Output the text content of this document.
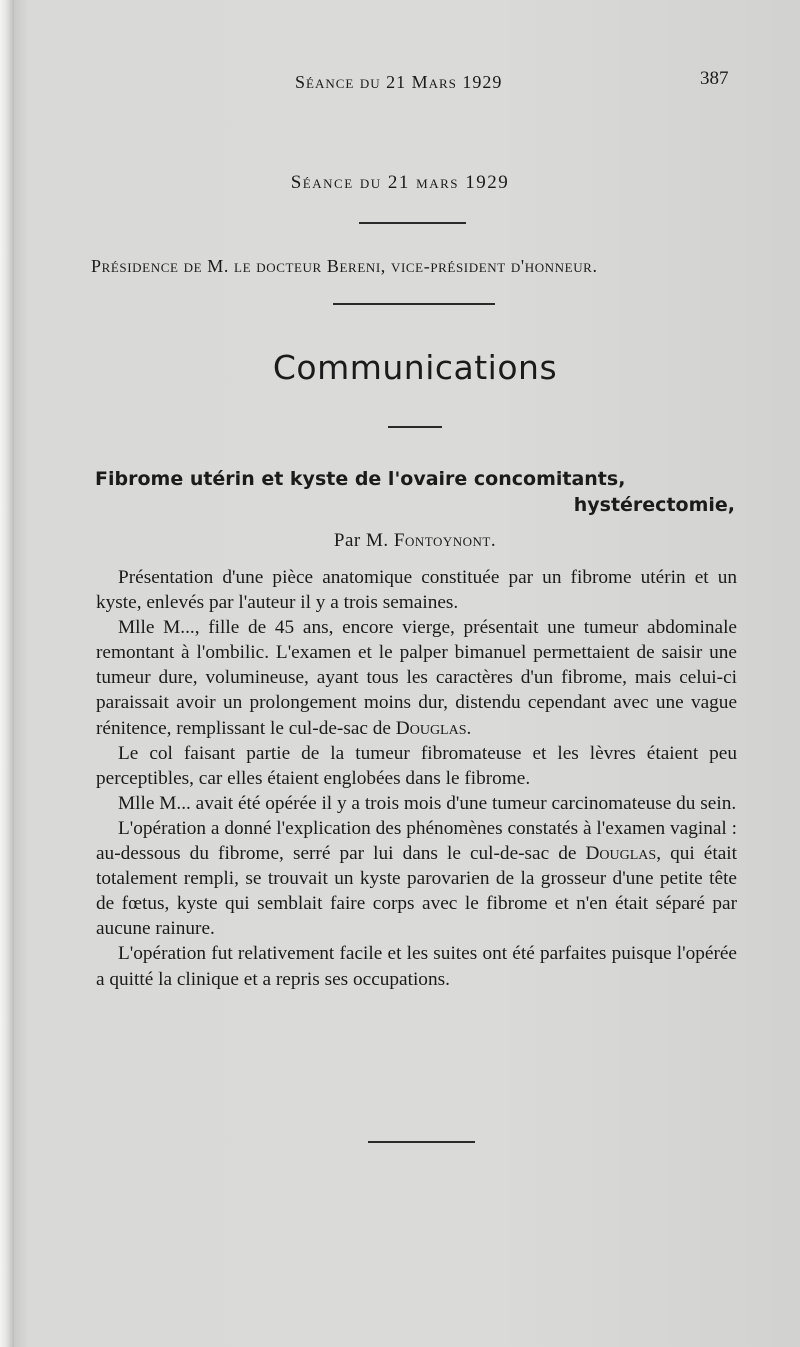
Séance du 21 Mars 1929	387
Séance du 21 mars 1929
Présidence de M. le docteur Bereni, vice-président d'honneur.
Communications
Fibrome utérin et kyste de l'ovaire concomitants,
hystérectomie,
Par M. Fontoynont.

Présentation d'une pièce anatomique constituée par un fibrome utérin et un kyste, enlevés par l'auteur il y a trois semaines.

Mlle M..., fille de 45 ans, encore vierge, présentait une tumeur abdominale remontant à l'ombilic. L'examen et le palper bimanuel permettaient de saisir une tumeur dure, volumineuse, ayant tous les caractères d'un fibrome, mais celui-ci paraissait avoir un prolongement moins dur, distendu cependant avec une vague rénitence, remplissant le cul-de-sac de Douglas.

Le col faisant partie de la tumeur fibromateuse et les lèvres étaient peu perceptibles, car elles étaient englobées dans le fibrome.

Mlle M... avait été opérée il y a trois mois d'une tumeur carcinomateuse du sein.

L'opération a donné l'explication des phénomènes constatés à l'examen vaginal : au-dessous du fibrome, serré par lui dans le cul-de-sac de Douglas, qui était totalement rempli, se trouvait un kyste parovarien de la grosseur d'une petite tête de fœtus, kyste qui semblait faire corps avec le fibrome et n'en était séparé par aucune rainure.

L'opération fut relativement facile et les suites ont été parfaites puisque l'opérée a quitté la clinique et a repris ses occupations.
